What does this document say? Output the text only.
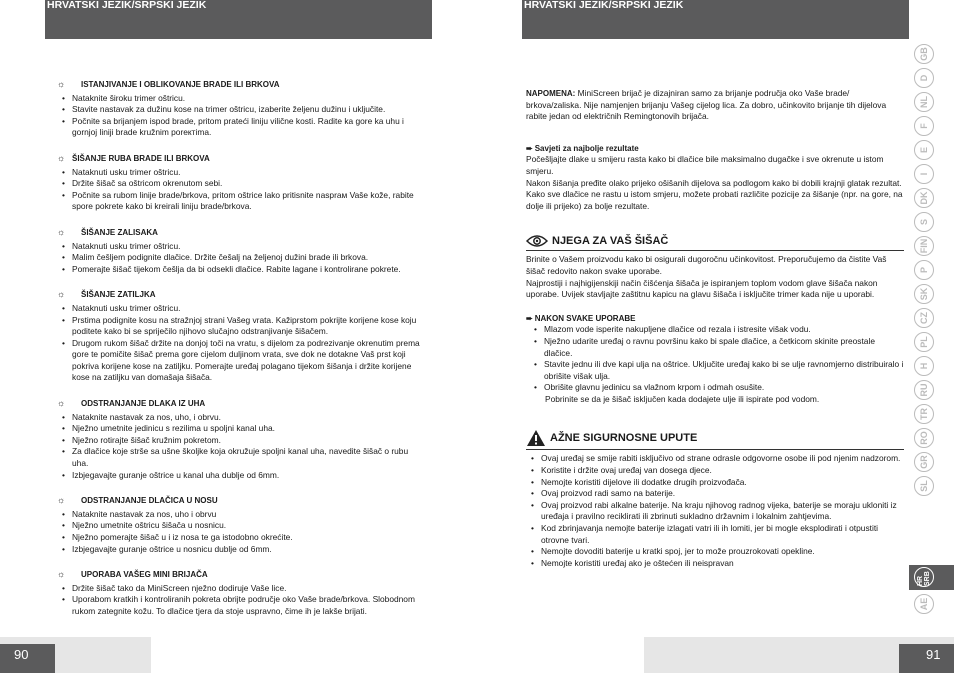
HRVATSKI JEZIK/SRPSKI JEZIK	HRVATSKI JEZIK/SRPSKI JEZIK
☼ ISTANJIVANJE I OBLIKOVANJE BRADE ILI BRKOVA
• Nataknite široku trimer oštricu.
• Stavite nastavak za dužinu kose na trimer oštricu, izaberite željenu dužinu i uključite.
• Počnite sa brijanjem ispod brade, pritom prateći liniju vilične kosti. Radite ka gore ka uhu i gornjoj liniji brade kružnim poreктima.
☼ ŠIŠANJE RUBA BRADE ILI BRKOVA
• Nataknuti usku trimer oštricu.
• Držite šišač sa oštricom okrenutom sebi.
• Počnite sa rubom linije brade/brkova, pritom oštrice lako pritisnite nasprам Vaše kože, rabite spore pokrete kako bi kreirali liniju brade/brkova.
☼ ŠIŠANJE ZALISAKA
• Nataknuti usku trimer oštricu.
• Malim češljem podignite dlačice. Držite češalj na željenoj dužini brade ili brkova.
• Pomerajte šišač tijekom češlja da bi odsekli dlačice. Rabite lagane i kontrolirane pokrete.
☼ ŠIŠANJE ZATILJKA
• Nataknuti usku trimer oštricu.
• Prstima podignite kosu na stražnjoj strani Vašeg vrata. Kažiprstom pokrijte korijene kose koju poditete kako bi se spriječilo njihovo slučajno odstranjivanje šišačem.
• Drugom rukom šišač držite na donjoj toči na vratu, s dijelom za podrezivanje okrenutim prema gore te pomičite šišač prema gore cijelom duljinom vrata, sve dok ne dotakne Vaš prst koji pokriva korijene kose na zatiljku. Pomerajte uređaj polagano tijekom šišanja i držite korijene kose na zatiljku van domašaja šišača.
☼ ODSTRANJANJE DLAKA IZ UHA
• Nataknite nastavak za nos, uho, i obrvu.
• Nježno umetnite jedinicu s rezilima u spoljni kanal uha.
• Nježno rotirajte šišač kružnim pokretom.
• Za dlačice koje strše sa ušne školjke koja okružuje spoljni kanal uha, navedite šišač o rubu uha.
• Izbjegavajte guranje oštrice u kanal uha dublje od 6mm.
☼ ODSTRANJANJE DLAČICA U NOSU
• Nataknite nastavak za nos, uho i obrvu
• Nježno umetnite oštricu šišača u nosnicu.
• Nježno pomerajte šišač u i iz nosa te ga istodobno okrećite.
• Izbjegavajte guranje oštrice u nosnicu dublje od 6mm.
☼ UPORABA VAŠEG MINI BRIJAČA
• Držite šišač tako da MiniScreen nježno dodiruje Vaše lice.
• Uporabom kratkih i kontroliranih pokreta obrijte područje oko Vaše brade/brkova. Slobodnom rukom zategnite kožu. To dlačice tjera da stoje uspravno, čime ih je lakše brijati.
NAPOMENA: MiniScreen brijač je dizajniran samo za brijanje područja oko Vaše brade/ brkova/zaliska. Nije namjenjen brijanju Vašeg cijelog lica. Za dobro, učinkovito brijanje tih dijelova rabite jedan od električnih Remingtonovih brijača.
➨ Savjeti za najbolje rezultate
Počešljajte dlake u smijeru rasta kako bi dlačice bile maksimalno dugačke i sve okrenute u istom smjeru.
Nakon šišanja pređite olako prijeko ošišanih dijelova sa podlogom kako bi dobili krajnji glatak rezultat.
Kako sve dlačice ne rastu u istom smjeru, možete probati različite pozicije za šišanje (npr. na gore, na dolje ili prijeko) za bolje rezultate.
NJEGA ZA VAŠ ŠIŠAČ
Brinite o Vašem proizvodu kako bi osigurali dugoročnu učinkovitost. Preporučujemo da čistite Vaš šišač redovito nakon svake uporabe.
Najprostiji i najhigijenskiji način čišćenja šišača je ispiranjem toplom vodom glave šišača nakon uporabe. Uvijek stavljajte zaštitnu kapicu na glavu šišača i isključite trimer kada nije u uporabi.
➨ NAKON SVAKE UPORABE
• Mlazom vode isperite nakupljene dlačice od rezala i istresite višak vodu.
• Nježno udarite uređaj o ravnu površinu kako bi spale dlačice, a četkicom skinite preostale dlačice.
• Stavite jednu ili dve kapi ulja na oštrice. Uključite uređaj kako bi se ulje ravnomjerno distribuiralo i obrišite višak ulja.
• Obrišite glavnu jedinicu sa vlažnom krpom i odmah osušite.
Pobrinite se da je šišač isključen kada dodajete ulje ili ispirate pod vodom.
AŽNE SIGURNOSNE UPUTE
• Ovaj uređaj se smije rabiti isključivo od strane odrasle odgovorne osobe ili pod njenim nadzorom.
• Koristite i držite ovaj uređaj van dosega djece.
• Nemojte koristiti dijelove ili dodatke drugih proizvođača.
• Ovaj proizvod radi samo na baterije.
• Ovaj proizvod rabi alkalne baterije. Na kraju njihovog radnog vijeka, baterije se moraju ukloniti iz uređaja i pravilno reciklirati ili zbrinuti sukladno državnim i lokalnim zahtjevima.
• Kod zbrinjavanja nemojte baterije izlagati vatri ili ih lomiti, jer bi mogle eksplodirati i otpustiti otrovne tvari.
• Nemojte dovoditi baterije u kratki spoj, jer to može prouzrokovati opekline.
• Nemojte koristiti uređaj ako je oštećen ili neispravan
GB
D
NL
F
E
I
DK
S
FIN
P
SK
CZ
PL
H
RU
TR
RO
GR
SL
HR SRB
AE
90	91
